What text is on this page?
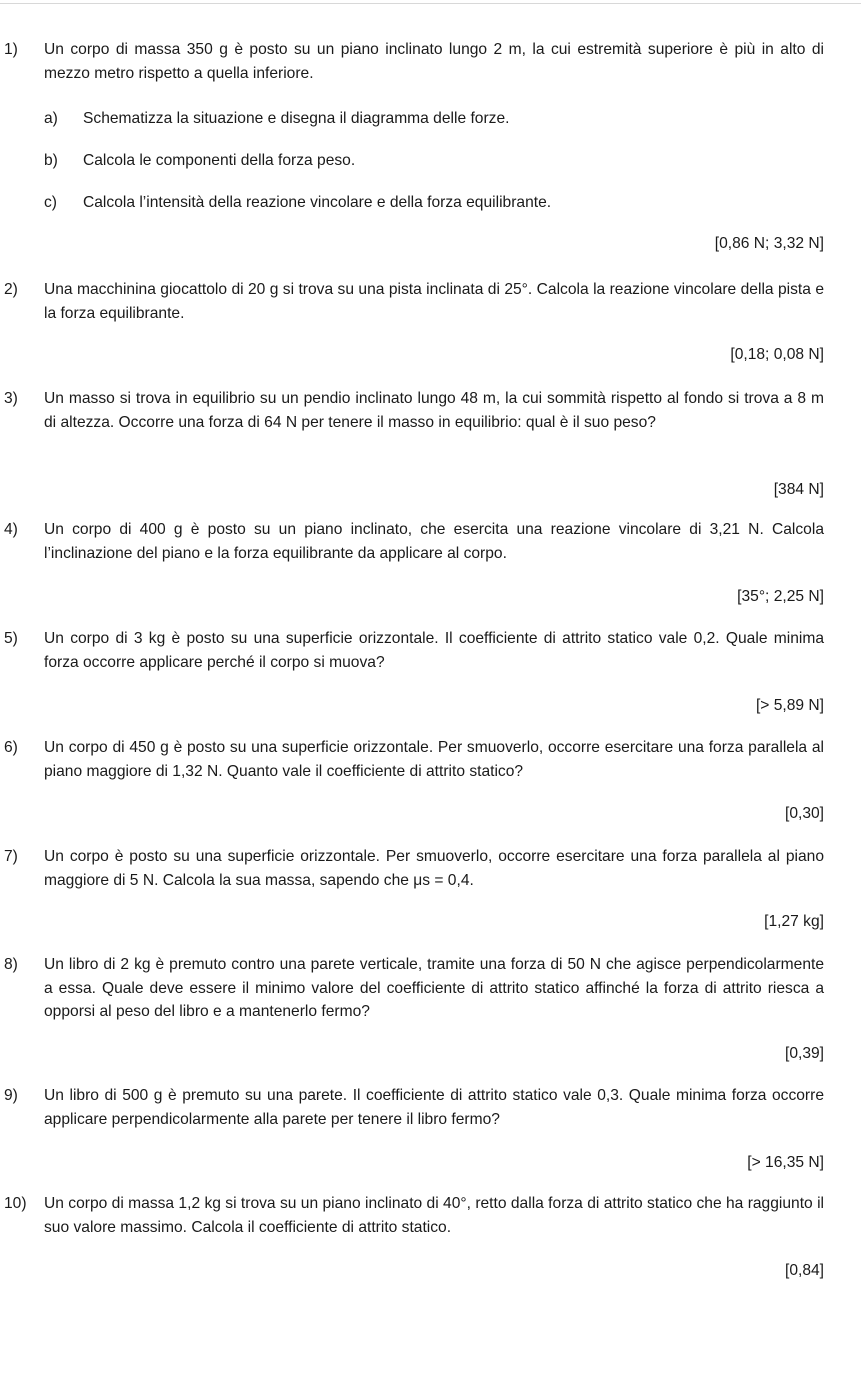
1) Un corpo di massa 350 g è posto su un piano inclinato lungo 2 m, la cui estremità superiore è più in alto di mezzo metro rispetto a quella inferiore.
a) Schematizza la situazione e disegna il diagramma delle forze.
b) Calcola le componenti della forza peso.
c) Calcola l’intensità della reazione vincolare e della forza equilibrante.
[0,86 N; 3,32 N]
2) Una macchinina giocattolo di 20 g si trova su una pista inclinata di 25°. Calcola la reazione vincolare della pista e la forza equilibrante.
[0,18; 0,08 N]
3) Un masso si trova in equilibrio su un pendio inclinato lungo 48 m, la cui sommità rispetto al fondo si trova a 8 m di altezza. Occorre una forza di 64 N per tenere il masso in equilibrio: qual è il suo peso?
[384 N]
4) Un corpo di 400 g è posto su un piano inclinato, che esercita una reazione vincolare di 3,21 N. Calcola l’inclinazione del piano e la forza equilibrante da applicare al corpo.
[35°; 2,25 N]
5) Un corpo di 3 kg è posto su una superficie orizzontale. Il coefficiente di attrito statico vale 0,2. Quale minima forza occorre applicare perché il corpo si muova?
[> 5,89 N]
6) Un corpo di 450 g è posto su una superficie orizzontale. Per smuoverlo, occorre esercitare una forza parallela al piano maggiore di 1,32 N. Quanto vale il coefficiente di attrito statico?
[0,30]
7) Un corpo è posto su una superficie orizzontale. Per smuoverlo, occorre esercitare una forza parallela al piano maggiore di 5 N. Calcola la sua massa, sapendo che μs = 0,4.
[1,27 kg]
8) Un libro di 2 kg è premuto contro una parete verticale, tramite una forza di 50 N che agisce perpendicolarmente a essa. Quale deve essere il minimo valore del coefficiente di attrito statico affinché la forza di attrito riesca a opporsi al peso del libro e a mantenerlo fermo?
[0,39]
9) Un libro di 500 g è premuto su una parete. Il coefficiente di attrito statico vale 0,3. Quale minima forza occorre applicare perpendicolarmente alla parete per tenere il libro fermo?
[> 16,35 N]
10) Un corpo di massa 1,2 kg si trova su un piano inclinato di 40°, retto dalla forza di attrito statico che ha raggiunto il suo valore massimo. Calcola il coefficiente di attrito statico.
[0,84]
